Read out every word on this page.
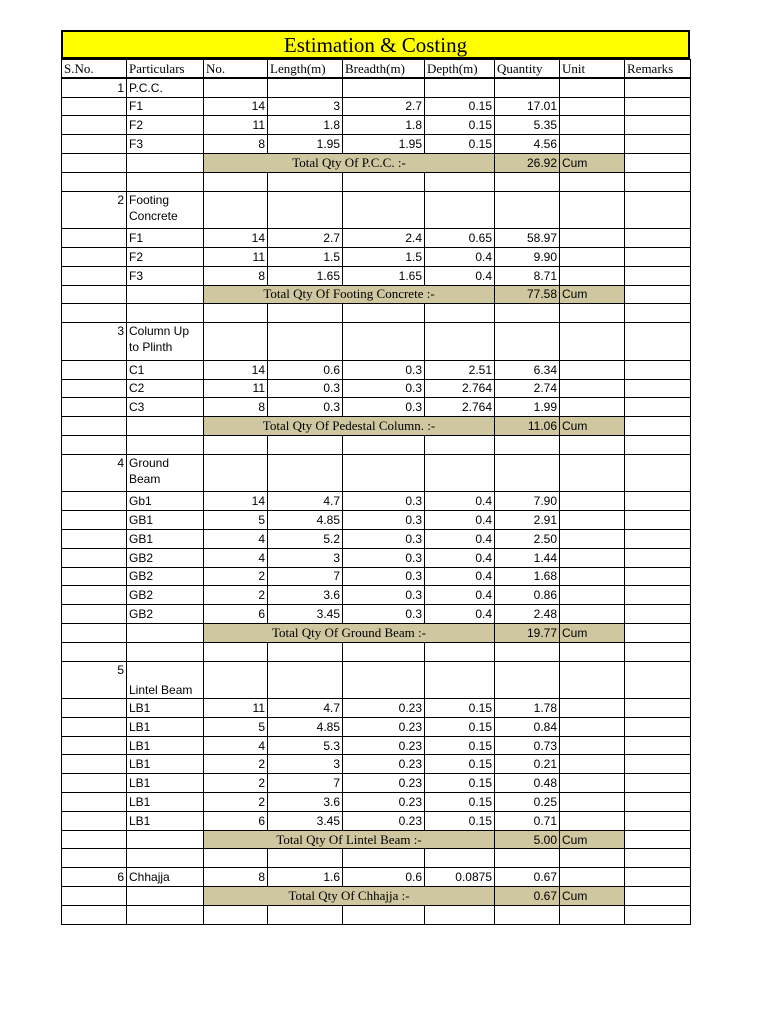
Estimation & Costing
S.No.	Particulars	No.	Length(m)	Breadth(m)	Depth(m)	Quantity	Unit	Remarks
1	P.C.C.							
	F1	14	3	2.7	0.15	17.01		
	F2	11	1.8	1.8	0.15	5.35		
	F3	8	1.95	1.95	0.15	4.56		
		Total Qty Of P.C.C. :-				26.92	Cum	

2	Footing Concrete							
	F1	14	2.7	2.4	0.65	58.97		
	F2	11	1.5	1.5	0.4	9.90		
	F3	8	1.65	1.65	0.4	8.71		
		Total Qty Of Footing Concrete :-				77.58	Cum	

3	Column Up to Plinth							
	C1	14	0.6	0.3	2.51	6.34		
	C2	11	0.3	0.3	2.764	2.74		
	C3	8	0.3	0.3	2.764	1.99		
		Total Qty Of Pedestal Column. :-				11.06	Cum	

4	Ground Beam							
	Gb1	14	4.7	0.3	0.4	7.90		
	GB1	5	4.85	0.3	0.4	2.91		
	GB1	4	5.2	0.3	0.4	2.50		
	GB2	4	3	0.3	0.4	1.44		
	GB2	2	7	0.3	0.4	1.68		
	GB2	2	3.6	0.3	0.4	0.86		
	GB2	6	3.45	0.3	0.4	2.48		
		Total Qty Of Ground Beam :-				19.77	Cum	

5	Lintel Beam							
	LB1	11	4.7	0.23	0.15	1.78		
	LB1	5	4.85	0.23	0.15	0.84		
	LB1	4	5.3	0.23	0.15	0.73		
	LB1	2	3	0.23	0.15	0.21		
	LB1	2	7	0.23	0.15	0.48		
	LB1	2	3.6	0.23	0.15	0.25		
	LB1	6	3.45	0.23	0.15	0.71		
		Total Qty Of Lintel Beam :-				5.00	Cum	

6	Chhajja	8	1.6	0.6	0.0875	0.67		
		Total Qty Of Chhajja :-				0.67	Cum	
